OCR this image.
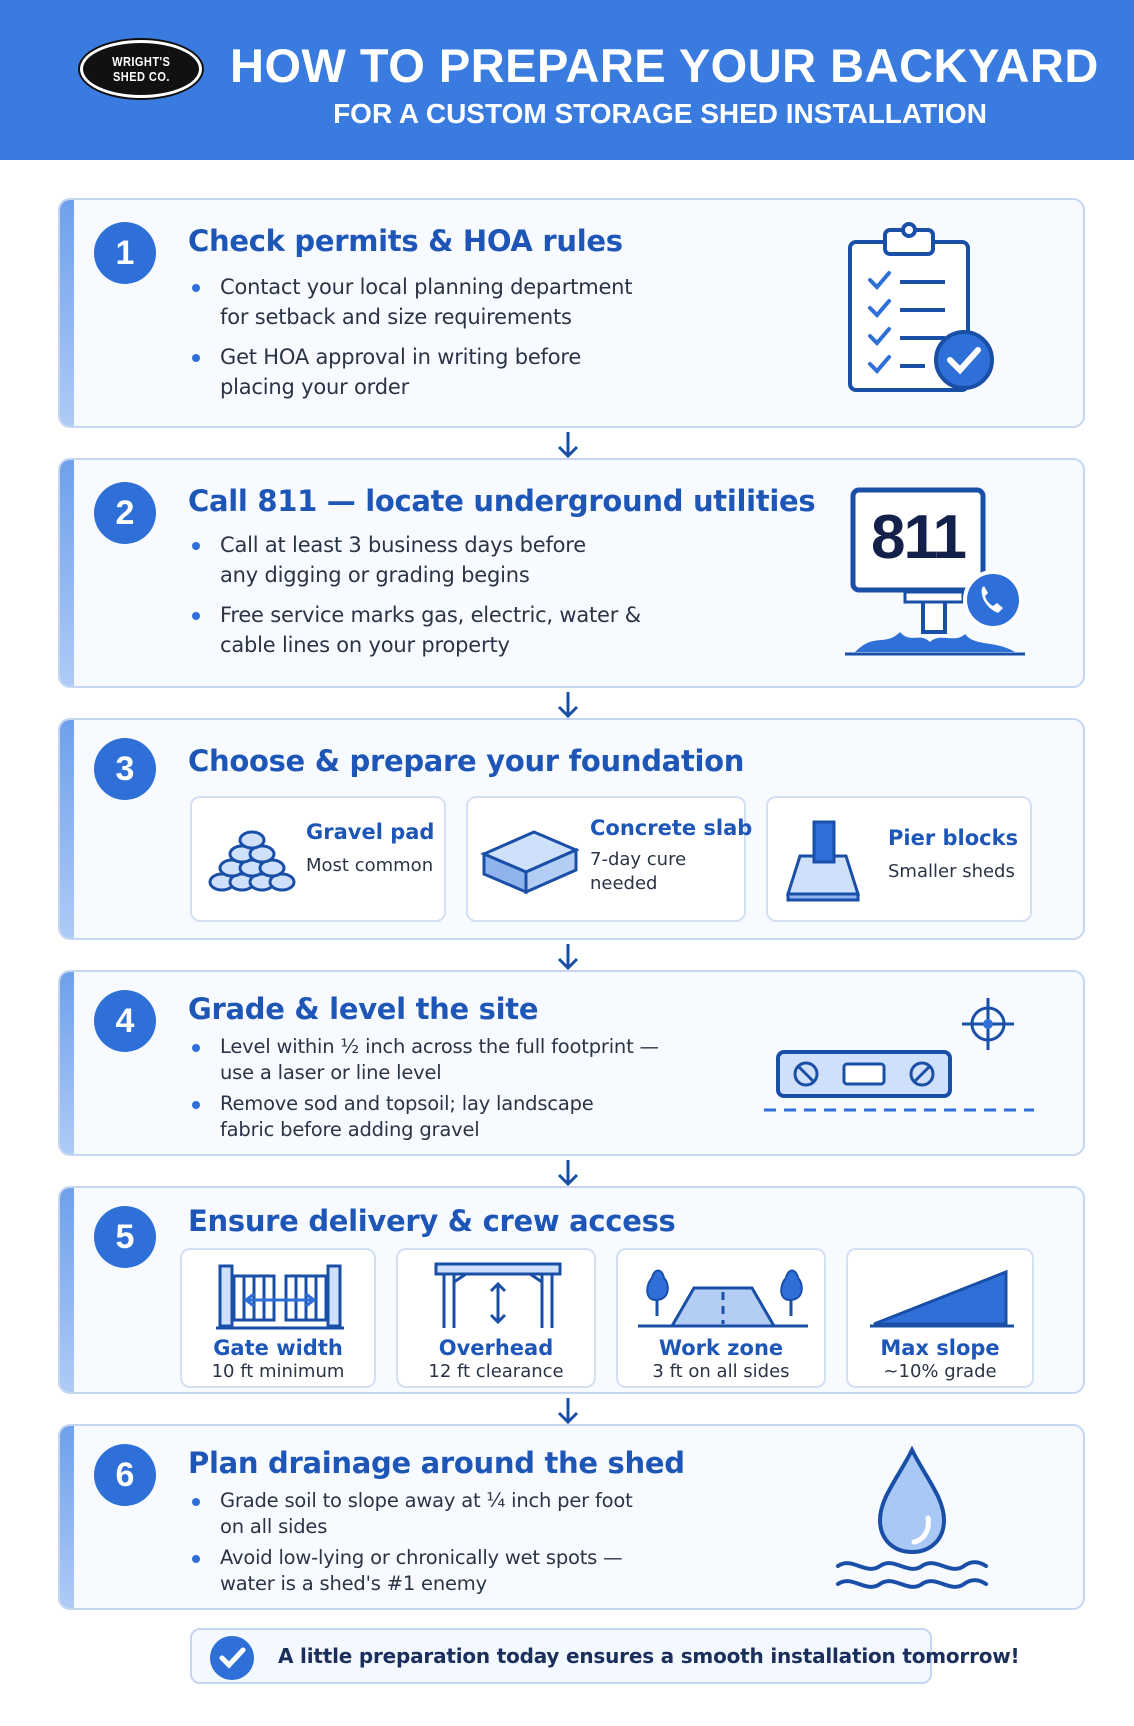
WRIGHT'S
SHED CO. HOW TO PREPARE YOUR BACKYARD
FOR A CUSTOM STORAGE SHED INSTALLATION
1	Check permits & HOA rules
Contact your local planning department
for setback and size requirements
Get HOA approval in writing before
placing your order
2	Call 811 — locate underground utilities
Call at least 3 business days before
any digging or grading begins
Free service marks gas, electric, water &
cable lines on your property
811
3	Choose & prepare your foundation
Gravel pad
Most common
Concrete slab
7-day cure
needed
Pier blocks
Smaller sheds
4	Grade & level the site
Level within ½ inch across the full footprint —
use a laser or line level
Remove sod and topsoil; lay landscape
fabric before adding gravel
5	Ensure delivery & crew access
Gate width
10 ft minimum
Overhead
12 ft clearance
Work zone
3 ft on all sides
Max slope
~10% grade
6	Plan drainage around the shed
Grade soil to slope away at ¼ inch per foot
on all sides
Avoid low-lying or chronically wet spots —
water is a shed's #1 enemy
A little preparation today ensures a smooth installation tomorrow!
